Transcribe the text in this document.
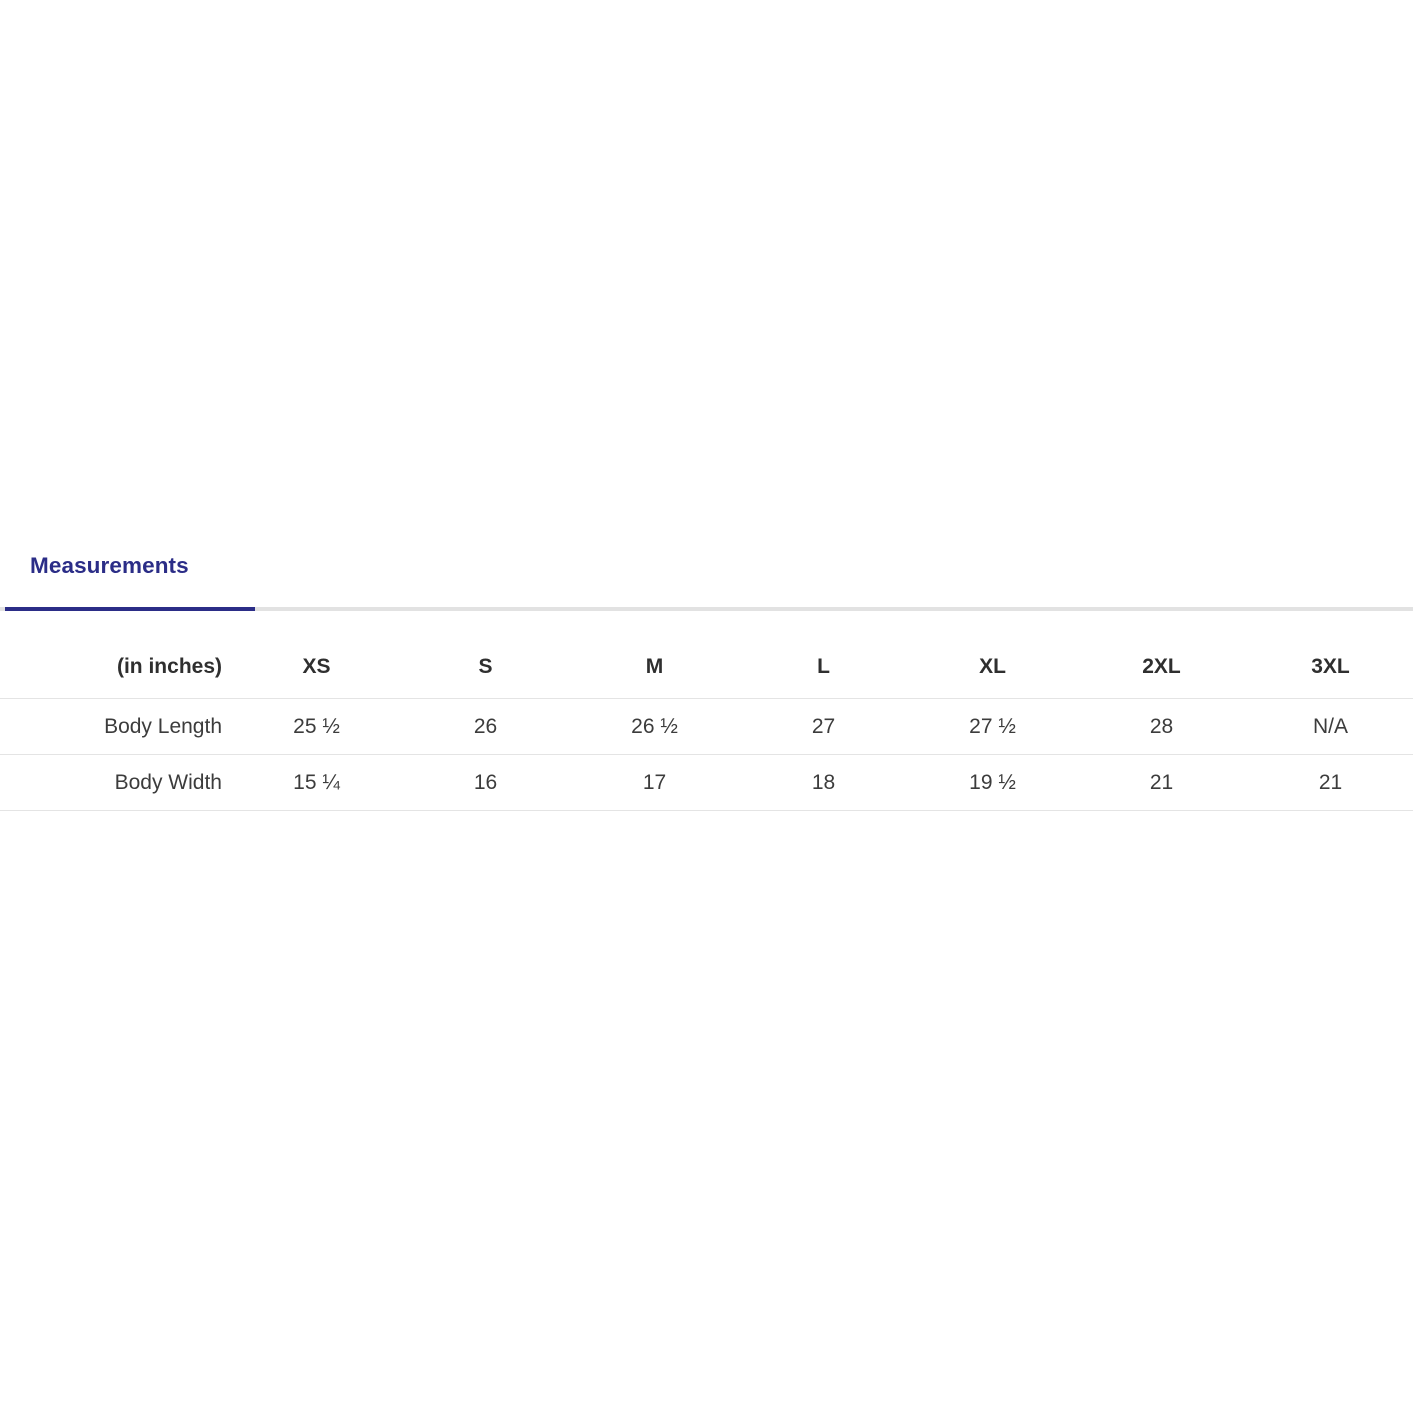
Measurements
(in inches)	XS	S	M	L	XL	2XL	3XL
Body Length	25 ½	26	26 ½	27	27 ½	28	N/A
Body Width	15 ¼	16	17	18	19 ½	21	21
